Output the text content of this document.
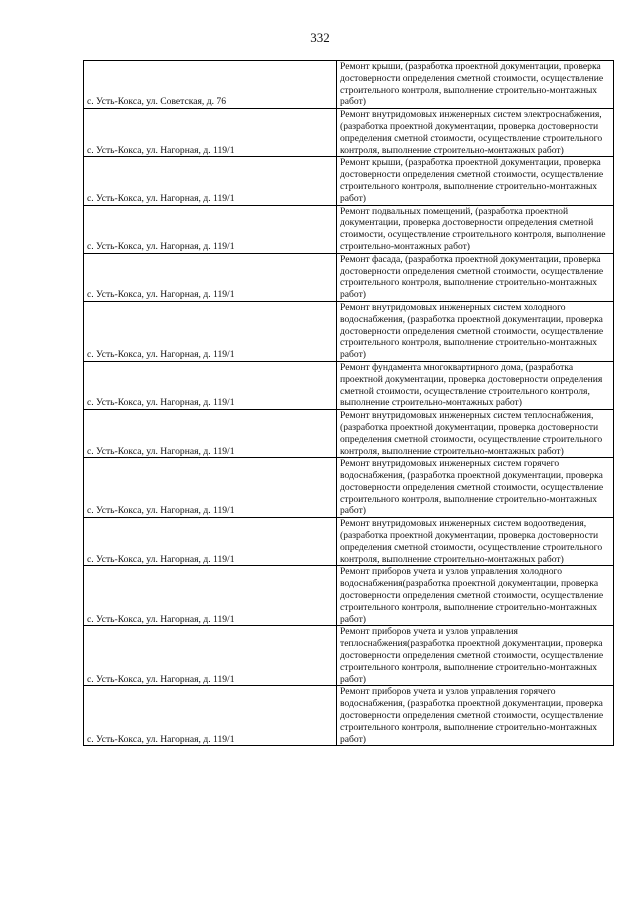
332
с. Усть-Кокса, ул. Советская, д. 76	Ремонт крыши, (разработка проектной документации, проверка достоверности определения сметной стоимости, осуществление строительного контроля, выполнение строительно-монтажных работ)
с. Усть-Кокса, ул. Нагорная, д. 119/1	Ремонт внутридомовых инженерных систем электроснабжения, (разработка проектной документации, проверка достоверности определения сметной стоимости, осуществление строительного контроля, выполнение строительно-монтажных работ)
с. Усть-Кокса, ул. Нагорная, д. 119/1	Ремонт крыши, (разработка проектной документации, проверка достоверности определения сметной стоимости, осуществление строительного контроля, выполнение строительно-монтажных работ)
с. Усть-Кокса, ул. Нагорная, д. 119/1	Ремонт подвальных помещений, (разработка проектной документации, проверка достоверности определения сметной стоимости, осуществление строительного контроля, выполнение строительно-монтажных работ)
с. Усть-Кокса, ул. Нагорная, д. 119/1	Ремонт фасада, (разработка проектной документации, проверка достоверности определения сметной стоимости, осуществление строительного контроля, выполнение строительно-монтажных работ)
с. Усть-Кокса, ул. Нагорная, д. 119/1	Ремонт внутридомовых инженерных систем холодного водоснабжения, (разработка проектной документации, проверка достоверности определения сметной стоимости, осуществление строительного контроля, выполнение строительно-монтажных работ)
с. Усть-Кокса, ул. Нагорная, д. 119/1	Ремонт фундамента многоквартирного дома, (разработка проектной документации, проверка достоверности определения сметной стоимости, осуществление строительного контроля, выполнение строительно-монтажных работ)
с. Усть-Кокса, ул. Нагорная, д. 119/1	Ремонт внутридомовых инженерных систем теплоснабжения, (разработка проектной документации, проверка достоверности определения сметной стоимости, осуществление строительного контроля, выполнение строительно-монтажных работ)
с. Усть-Кокса, ул. Нагорная, д. 119/1	Ремонт внутридомовых инженерных систем горячего водоснабжения, (разработка проектной документации, проверка достоверности определения сметной стоимости, осуществление строительного контроля, выполнение строительно-монтажных работ)
с. Усть-Кокса, ул. Нагорная, д. 119/1	Ремонт внутридомовых инженерных систем водоотведения, (разработка проектной документации, проверка достоверности определения сметной стоимости, осуществление строительного контроля, выполнение строительно-монтажных работ)
с. Усть-Кокса, ул. Нагорная, д. 119/1	Ремонт приборов учета и узлов управления холодного водоснабжения(разработка проектной документации, проверка достоверности определения сметной стоимости, осуществление строительного контроля, выполнение строительно-монтажных работ)
с. Усть-Кокса, ул. Нагорная, д. 119/1	Ремонт приборов учета и узлов управления теплоснабжения(разработка проектной документации, проверка достоверности определения сметной стоимости, осуществление строительного контроля, выполнение строительно-монтажных работ)
с. Усть-Кокса, ул. Нагорная, д. 119/1	Ремонт приборов учета и узлов управления горячего водоснабжения, (разработка проектной документации, проверка достоверности определения сметной стоимости, осуществление строительного контроля, выполнение строительно-монтажных работ)
